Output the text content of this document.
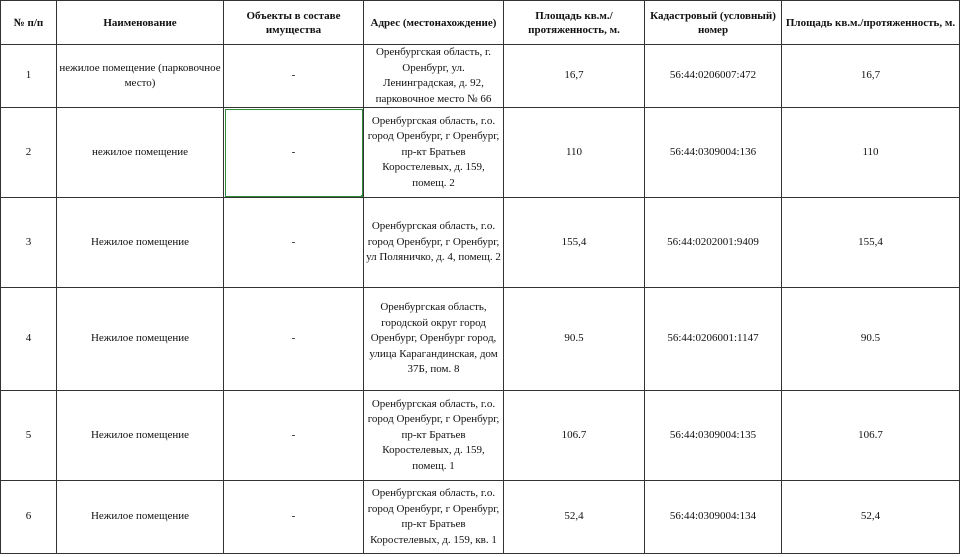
№ п/п	Наименование	Объекты в составе имущества	Адрес (местонахождение)	Площадь кв.м./протяженность, м.	Кадастровый (условный) номер	Площадь кв.м./протяженность, м.
1	нежилое помещение (парковочное место)	-	Оренбургская область, г. Оренбург, ул. Ленинградская, д. 92, парковочное место № 66	16,7	56:44:0206007:472	16,7
2	нежилое помещение	-	Оренбургская область, г.о. город Оренбург, г Оренбург, пр-кт Братьев Коростелевых, д. 159, помещ. 2	110	56:44:0309004:136	110
3	Нежилое помещение	-	Оренбургская область, г.о. город Оренбург, г Оренбург, ул Поляничко, д. 4, помещ. 2	155,4	56:44:0202001:9409	155,4
4	Нежилое помещение	-	Оренбургская область, городской округ город Оренбург, Оренбург город, улица Карагандинская, дом 37Б, пом. 8	90.5	56:44:0206001:1147	90.5
5	Нежилое помещение	-	Оренбургская область, г.о. город Оренбург, г Оренбург, пр-кт Братьев Коростелевых, д. 159, помещ. 1	106.7	56:44:0309004:135	106.7
6	Нежилое помещение	-	Оренбургская область, г.о. город Оренбург, г Оренбург, пр-кт Братьев Коростелевых, д. 159, кв. 1	52,4	56:44:0309004:134	52,4
